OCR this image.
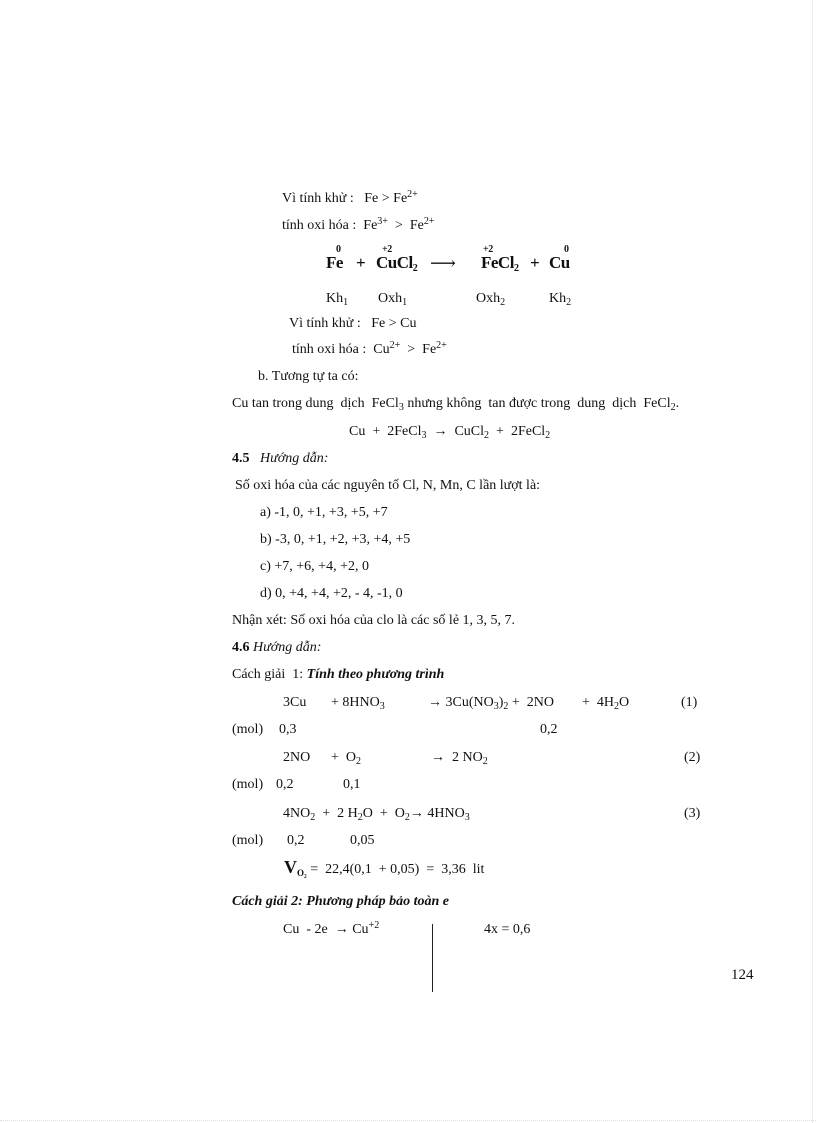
Vì tính khử : $Fe > Fe^{2+}$
tính oxi hóa : $Fe^{3+} > Fe^{2+}$
0
Fe +
+2
CuCl$_2$ ⟶
+2
FeCl$_2$ +
0
Cu
$Kh_1$ Oxh$_1$	Oxh$_2$	$Kh_2$
Vì tính khử : Fe > Cu
tính oxi hóa : $Cu^{2+} > Fe^{2+}$
b. Tương tự ta có:
Cu tan trong dung  dịch  FeCl$_3$ nhưng không  tan được trong  dung  dịch  FeCl$_2$.
Cu  +  2FeCl$_3$  →  CuCl$_2$  +  2FeCl$_2$
4.5 Hướng dẫn:
Số oxi hóa của các nguyên tố Cl, N, Mn, C lần lượt là:
a) -1, 0, +1, +3, +5, +7
b) -3, 0, +1, +2, +3, +4, +5
c) +7, +6, +4, +2, 0
d) 0, +4, +4, +2, - 4, -1, 0
Nhận xét: Số oxi hóa của clo là các số lẻ 1, 3, 5, 7.
4.6 Hướng dẫn:
Cách giải  1: Tính theo phương trình
$3Cu + 8HNO_3$	→ $3Cu(NO_3)_2 + 2NO + 4H_2O$	(1)
(mol) 0,3	0,2
$2NO + O_2$	→  2 $NO_2$	(2)
(mol) 0,2	0,1
$4NO_2 + 2$ $H_2O + O_2\to 4HNO_3$	(3)
(mol) 0,2	0,05
$V_{O_2} = 22,4(0,1 + 0,05) = 3,36$  lit
Cách giải 2: Phương pháp bảo toàn e
$Cu - 2e \to Cu^{+2}$	4x = 0,6
124
